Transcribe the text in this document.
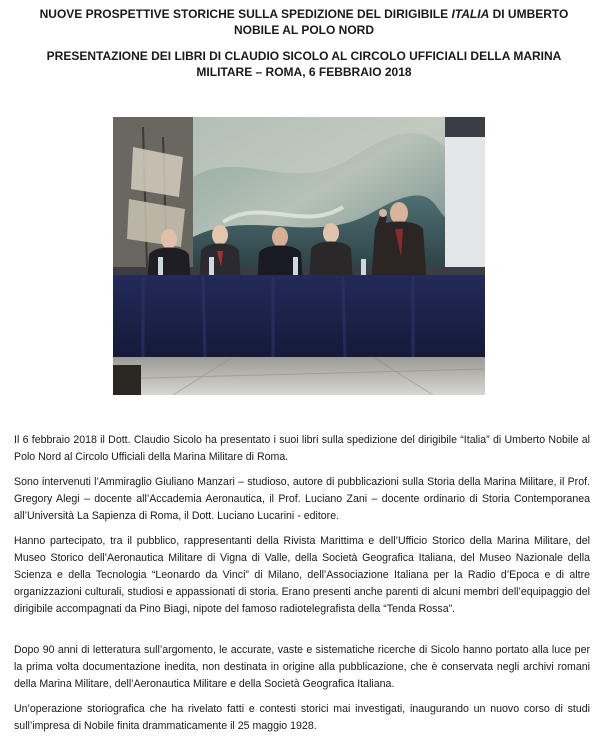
NUOVE PROSPETTIVE STORICHE SULLA SPEDIZIONE DEL DIRIGIBILE ITALIA DI UMBERTO NOBILE AL POLO NORD
PRESENTAZIONE DEI LIBRI DI CLAUDIO SICOLO AL CIRCOLO UFFICIALI DELLA MARINA MILITARE – ROMA, 6 FEBBRAIO 2018

Il 6 febbraio 2018 il Dott. Claudio Sicolo ha presentato i suoi libri sulla spedizione del dirigibile “Italia” di Umberto Nobile al Polo Nord al Circolo Ufficiali della Marina Militare di Roma.

Sono intervenuti l’Ammiraglio Giuliano Manzari – studioso, autore di pubblicazioni sulla Storia della Marina Militare, il Prof. Gregory Alegi – docente all’Accademia Aeronautica, il Prof. Luciano Zani – docente ordinario di Storia Contemporanea all’Università La Sapienza di Roma, il Dott. Luciano Lucarini - editore.

Hanno partecipato, tra il pubblico, rappresentanti della Rivista Marittima e dell’Ufficio Storico della Marina Militare, del Museo Storico dell’Aeronautica Militare di Vigna di Valle, della Società Geografica Italiana, del Museo Nazionale della Scienza e della Tecnologia “Leonardo da Vinci” di Milano, dell’Associazione Italiana per la Radio d’Epoca e di altre organizzazioni culturali, studiosi e appassionati di storia. Erano presenti anche parenti di alcuni membri dell’equipaggio del dirigibile accompagnati da Pino Biagi, nipote del famoso radiotelegrafista della “Tenda Rossa”.

Dopo 90 anni di letteratura sull’argomento, le accurate, vaste e sistematiche ricerche di Sicolo hanno portato alla luce per la prima volta documentazione inedita, non destinata in origine alla pubblicazione, che è conservata negli archivi romani della Marina Militare, dell’Aeronautica Militare e della Società Geografica Italiana.

Un’operazione storiografica che ha rivelato fatti e contesti storici mai investigati, inaugurando un nuovo corso di studi sull’impresa di Nobile finita drammaticamente il 25 maggio 1928.
